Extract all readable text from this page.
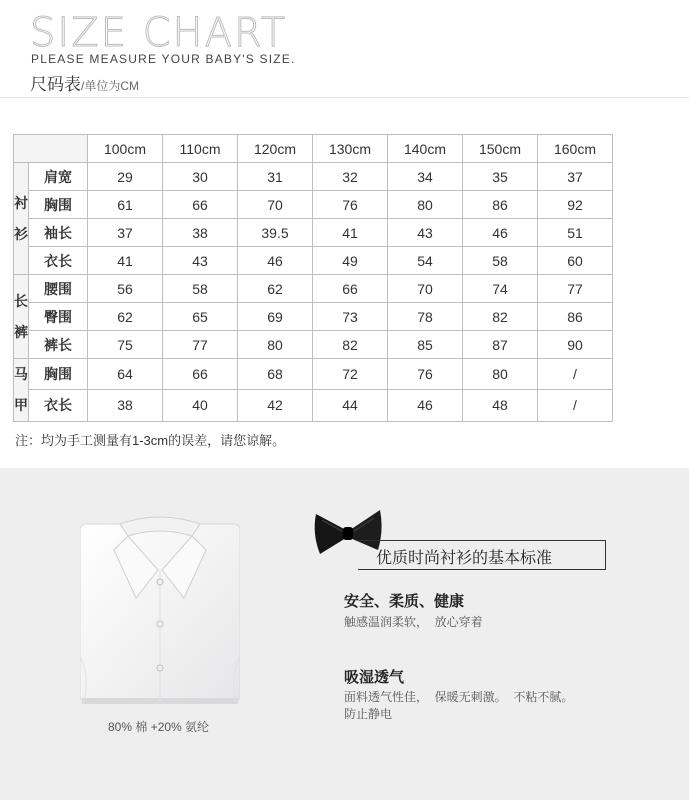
SIZE CHART
PLEASE MEASURE YOUR BABY'S SIZE.
尺码表/单位为CM
		100cm	110cm	120cm	130cm	140cm	150cm	160cm
衬
衫	肩宽	29	30	31	32	34	35	37
	胸围	61	66	70	76	80	86	92
	袖长	37	38	39.5	41	43	46	51
	衣长	41	43	46	49	54	58	60
长
裤	腰围	56	58	62	66	70	74	77
	臀围	62	65	69	73	78	82	86
	裤长	75	77	80	82	85	87	90
马
甲	胸围	64	66	68	72	76	80	/
	衣长	38	40	42	44	46	48	/
注：均为手工测量有1-3cm的误差，请您谅解。
80% 棉 +20% 氨纶
优质时尚衬衫的基本标准
安全、柔质、健康
触感温润柔软，  放心穿着
吸湿透气
面料透气性佳，  保暖无刺激。  不粘不腻。
防止静电
